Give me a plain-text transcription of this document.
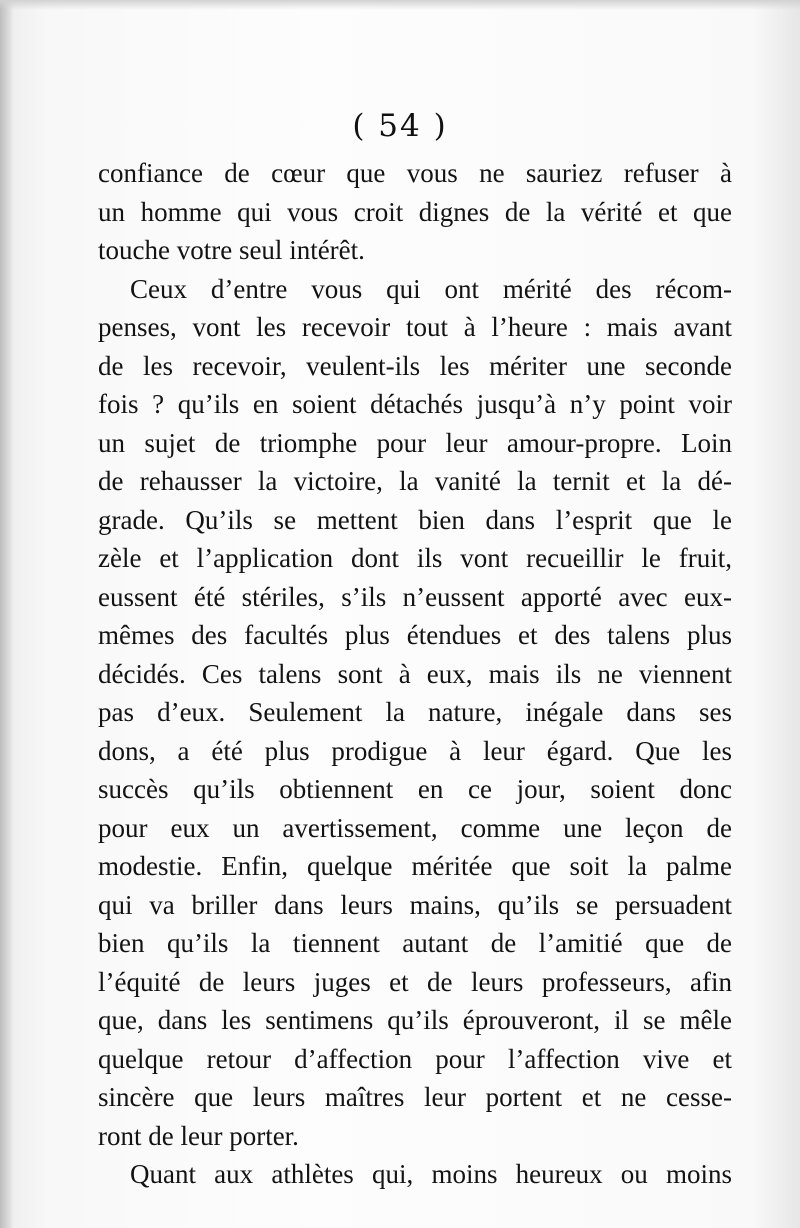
( 54 )
confiance de cœur que vous ne sauriez refuser à
un homme qui vous croit dignes de la vérité et que
touche votre seul intérêt.
Ceux d’entre vous qui ont mérité des récom-
penses, vont les recevoir tout à l’heure : mais avant
de les recevoir, veulent-ils les mériter une seconde
fois ? qu’ils en soient détachés jusqu’à n’y point voir
un sujet de triomphe pour leur amour-propre. Loin
de rehausser la victoire, la vanité la ternit et la dé-
grade. Qu’ils se mettent bien dans l’esprit que le
zèle et l’application dont ils vont recueillir le fruit,
eussent été stériles, s’ils n’eussent apporté avec eux-
mêmes des facultés plus étendues et des talens plus
décidés. Ces talens sont à eux, mais ils ne viennent
pas d’eux. Seulement la nature, inégale dans ses
dons, a été plus prodigue à leur égard. Que les
succès qu’ils obtiennent en ce jour, soient donc
pour eux un avertissement, comme une leçon de
modestie. Enfin, quelque méritée que soit la palme
qui va briller dans leurs mains, qu’ils se persuadent
bien qu’ils la tiennent autant de l’amitié que de
l’équité de leurs juges et de leurs professeurs, afin
que, dans les sentimens qu’ils éprouveront, il se mêle
quelque retour d’affection pour l’affection vive et
sincère que leurs maîtres leur portent et ne cesse-
ront de leur porter.
Quant aux athlètes qui, moins heureux ou moins
